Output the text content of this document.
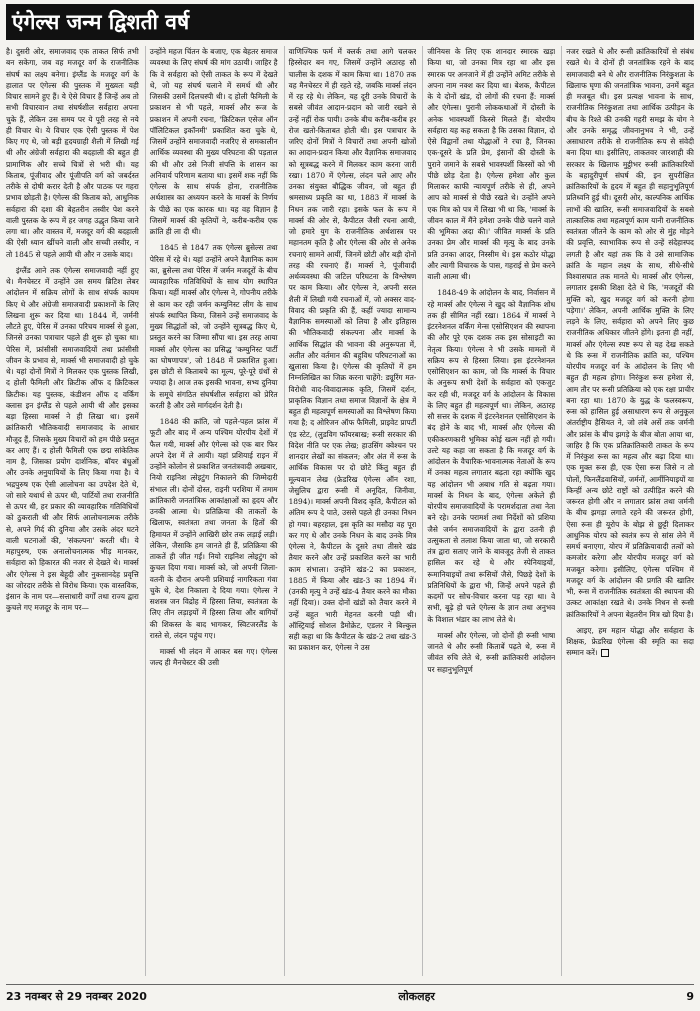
एंगेल्स जन्म द्विशती वर्ष

है। दुसरी ओर, समाजवाद एक ताकत सिर्फ तभी बन सकेगा, जब वह मजदूर वर्ग के राजनीतिक संघर्ष का लक्ष्य बनेगा। इंग्लैंड के मजदूर वर्ग के हालात पर एंगेल्स की पुस्तक में मुख्यतः यही विचार सामने हुए हैं। ये ऐसे विचार हैं जिन्हें अब तो सभी विचारवान तथा संघर्षशील सर्वहारा अपना चुके हैं, लेकिन उस समय पर ये पूरी तरह से नये ही विचार थे। ये विचार एक ऐसी पुस्तक में पेश किए गए थे, जो बड़ी हृदयग्राही शैली में लिखी गई थी और अंग्रेजी सर्वहारा की बदहाली की बहुत ही प्रामाणिक और सच्चे चित्रों से भरी थी। यह किताब, पूंजीवाद और पूंजीपति वर्ग को जबर्दस्त तरीके से दोषी करार देती है और पाठक पर गहरा प्रभाव छोड़ती है। एंगेल्स की किताब को, आधुनिक सर्वहारा की दशा की बेहतरीन तस्वीर पेश करने वाली पुस्तक के रूप में हर जगह उद्धृत किया जाने लगा था। और वास्तव में, मजदूर वर्ग की बदहाली की ऐसी ध्यान खींचने वाली और सच्ची तस्वीर, न तो 1845 से पहले आयी थी और न उसके बाद।

इंग्लैंड आने तक एंगेल्स समाजवादी नहीं हुए थे। मैनचेस्टर में उन्होंने उस समय ब्रिटिश लेबर आंदोलन में सक्रिय लोगों के साथ संपर्क कायम किए थे और अंग्रेजी समाजवादी प्रकाशनों के लिए लिखना शुरू कर दिया था। 1844 में, जर्मनी लौटते हुए, पेरिस में उनका परिचय मार्क्स से हुआ, जिनसे उनका पत्राचार पहले ही शुरू हो चुका था। पेरिस में, फ्रांसीसी समाजवादियों तथा फ्रांसीसी जीवन के प्रभाव से, मार्क्स भी समाजवादी हो चुके थे। यहां दोनों मित्रों ने मिलकर एक पुस्तक लिखी, द होली फैमिली और क्रिटीक ऑफ द क्रिटिकल क्रिटीक। यह पुस्तक, कंडीशन ऑफ द वर्किंग क्लास इन इंग्लैंड से पहले आयी थी और इसका बड़ा हिस्सा मार्क्स ने ही लिखा था। इसमें क्रांतिकारी भौतिकवादी समाजवाद के आधार मौजूद हैं, जिसके मुख्य विचारों को हम पीछे प्रस्तुत कर आए हैं। द होली फैमिली एक छद्म सांकेतिक नाम है, जिसका प्रयोग दार्शनिक, बॉयर बंधुओं और उनके अनुयायियों के लिए किया गया है। ये भद्रपुरुष एक ऐसी आलोचना का उपदेश देते थे, जो सारे यथार्थ से ऊपर थी, पार्टियों तथा राजनीति से ऊपर थी, हर प्रकार की व्यावहारिक गतिविधियों को ठुकराती थी और सिर्फ आलोचनात्मक तरीके से, अपने गिर्द की दुनिया और उसके अंदर घटने वाली घटनाओं की, 'संकल्पना' करती थी। ये महापुरुष, एक अनालोचनात्मक भीड़ मानकर, सर्वहारा को हिकारत की नजर से देखते थे। मार्क्स और एंगेल्स ने इस बेहूदी और नुकसानदेह प्रवृत्ति का जोरदार तरीके से विरोध किया। एक वास्तविक, इंसान के नाम पर—सत्ताधारी वर्गों तथा राज्य द्वारा कुचले गए मजदूर के नाम पर—

उन्होंने महज चिंतन के बजाए, एक बेहतर समाज व्यवस्था के लिए संघर्ष की मांग उठायी। जाहिर है कि वे सर्वहारा को ऐसी ताकत के रूप में देखते थे, जो यह संघर्ष चलाने में समर्थ थी और जिसकी उसमें दिलचस्पी थी। द होली फैमिली के प्रकाशन से भी पहले, मार्क्स और रूज के प्रकाशन में अपनी रचना, 'क्रिटिकल एसेज ऑन पॉलिटिकल इकॉनमी' प्रकाशित करा चुके थे, जिसमें उन्होंने समाजवादी नजरिए से समकालीन आर्थिक व्यवस्था की मुख्य परिघटना की पड़ताल की थी और उसे निजी संपत्ति के शासन का अनिवार्य परिणाम बताया था। इसमें शक नहीं कि एंगेल्स के साथ संपर्क होना, राजनीतिक अर्थशास्त्र का अध्ययन करने के मार्क्स के निर्णय के पीछे का एक कारक था। यह वह विज्ञान है जिसमें मार्क्स की कृतियों ने, करीब-करीब एक क्रांति ही ला दी थी।

1845 से 1847 तक एंगेल्स ब्रुसेल्स तथा पेरिस में रहे थे। यहां उन्होंने अपने वैज्ञानिक काम का, ब्रुसेल्स तथा पेरिस में जर्मन मजदूरों के बीच व्यावहारिक गतिविधियों के साथ योग स्थापित किया। यहीं मार्क्स और एंगेल्स ने, गोपनीय तरीके से काम कर रही जर्मन कम्युनिस्ट लीग के साथ संपर्क स्थापित किया, जिसने उन्हें समाजवाद के मुख्य सिद्धांतों को, जो उन्होंने सूत्रबद्ध किए थे, प्रस्तुत करने का जिम्मा सौंपा था। इस तरह आया मार्क्स और एंगेल्स का प्रसिद्ध 'कम्युनिस्ट पार्टी का घोषणापत्र', जो 1848 में प्रकाशित हुआ। इस छोटी से किताबचे का मूल्य, पूरे-पूरे ग्रंथों से ज्यादा है। आज तक इसकी भावना, सभ्य दुनिया के समूचे संगठित संघर्षशील सर्वहारा को प्रेरित करती है और उसे मार्गदर्शन देती है।

1848 की क्रांति, जो पहले-पहल फ्रांस में फूटी और बाद में अन्य पश्चिम योरपीय देशों में फैल गयी, मार्क्स और एंगेल्स को एक बार फिर अपने देश में ले आयी। यहां प्रशियाई राइन में उन्होंने कोलोन से प्रकाशित जनतंत्रवादी अखबार, नियो राइनिश त्सेइटुंग निकालने की जिम्मेदारी संभाल ली। दोनों दोस्त, राइनी परशिया में तमाम क्रांतिकारी जनतांत्रिक आकांक्षाओं का हृदय और उनकी आत्मा थे। प्रतिक्रिया की ताकतों के खिलाफ, स्वतंत्रता तथा जनता के हितों की हिमायत में उन्होंने आखिरी छोर तक लड़ाई लड़ी। लेकिन, जैसाकि हम जानते ही हैं, प्रतिक्रिया की ताकतें ही जीत गईं। नियो राइनिश त्सेइटुंग को कुचल दिया गया। मार्क्स को, जो अपनी जिला-वतनी के दौरान अपनी प्रशियाई नागरिकता गंवा चुके थे, देश निकाला दे दिया गया। एंगेल्स ने सशस्त्र जन विद्रोह में हिस्सा लिया, स्वतंत्रता के लिए तीन लड़ाइयों में हिस्सा लिया और बागियों की शिकस्त के बाद भागकर, स्विटजरलैंड के रास्ते से, लंदन पहुंच गए।

मार्क्स भी लंदन में आकर बस गए। एंगेल्स जल्द ही मैनचेस्टर की उसी

वाणिज्यिक फर्म में क्लर्क तथा आगे चलकर हिस्सेदार बन गए, जिसमें उन्होंने अठारह सौ चालीस के दशक में काम किया था। 1870 तक वह मैनचेस्टर में ही रहते रहे, जबकि मार्क्स लंदन में रह रहे थे। लेकिन, यह दूरी उनके विचारों के सबसे जीवंत आदान-प्रदान को जारी रखने से उन्हें नहीं रोक पायी। उनके बीच करीब-करीब हर रोज खतो-किताबत होती थी। इस पत्राचार के जरिए दोनों मित्रों ने विचारों तथा अपनी खोजों का आदान-प्रदान किया और वैज्ञानिक समाजवाद को सूत्रबद्ध करने में मिलकर काम करना जारी रखा। 1870 में एंगेल्स, लंदन चले आए और उनका संयुक्त बौद्धिक जीवन, जो बहुत ही श्रमसाध्य प्रकृति का था, 1883 में मार्क्स के निधन तक जारी रहा। इसके फल के रूप में मार्क्स की ओर से, कैपीटल जैसी रचना आयी, जो हमारे युग के राजनीतिक अर्थशास्त्र पर महानतम कृति है और एंगेल्स की ओर से अनेक रचनाएं सामने आयीं, जिनमें छोटी और बड़ी दोनों तरह की रचनाएं हैं। मार्क्स ने, पूंजीवादी अर्थव्यवस्था की जटिल परिघटना के विश्लेषण पर काम किया। और एंगेल्स ने, अपनी सरल शैली में लिखी गयी रचनाओं में, जो अक्सर वाद-विवाद की प्रकृति की हैं, कहीं ज्यादा सामान्य वैज्ञानिक समस्याओं को लिया है और इतिहास की भौतिकवादी संकल्पना और मार्क्स के आर्थिक सिद्धांत की भावना की अनुरूपता में, अतीत और वर्तमान की बहुविध परिघटनाओं का खुलासा किया है। एंगेल्स की कृतियों में हम निम्नलिखित का जिक्र करना चाहेंगे: ड्यूरिंग मत-विरोधी वाद-विवादात्मक कृति, जिसमें दर्शन, प्राकृतिक विज्ञान तथा समाज विज्ञानों के क्षेत्र में बहुत ही महत्वपूर्ण समस्याओं का विश्लेषण किया गया है; द ओरिजन ऑफ फैमिली, प्राइवेट प्रापर्टी एंड स्टेट, (लुडविग फॉयरबाख; रूसी सरकार की विदेश नीति पर एक लेख; हाउसिंग क्वेश्चन पर शानदार लेखों का संकलन; और अंत में रूस के आर्थिक विकास पर दो छोटे किंतु बहुत ही मूल्यवान लेख (फ्रेडरिख एंगेल्स ऑन रशा, जेसुलिच द्वारा रूसी में अनूदित, जिनीवा, 1894)। मार्क्स अपनी विशद कृति, कैपीटल को अंतिम रूप दे पाते, उससे पहले ही उनका निधन हो गया। बहरहाल, इस कृति का मसौदा वह पूरा कर गए थे और उनके निधन के बाद उनके मित्र एंगेल्स ने, कैपीटल के दूसरे तथा तीसरे खंड तैयार करने और उन्हें प्रकाशित करने का भारी काम संभाला। उन्होंने खंड-2 का प्रकाशन, 1885 में किया और खंड-3 का 1894 में। (उनकी मृत्यु ने उन्हें खंड-4 तैयार करने का मौका नहीं दिया)। उक्त दोनों खंडों को तैयार करने में उन्हें बहुत भारी मेहनत करनी पड़ी थी। ऑस्ट्रियाई सोशल डैमोक्रेट, एडलर ने बिल्कुल सही कहा था कि कैपीटल के खंड-2 तथा खंड-3 का प्रकाशन कर, एंगेल्स ने उस

जीनियस के लिए एक शानदार स्मारक खड़ा किया था, जो उनका मित्र रहा था और इस स्मारक पर अनजाने में ही उन्होंने अमिट तरीके से अपना नाम नक्श कर दिया था। बेशक, कैपीटल के ये दोनों खंड, दो लोगों की रचना हैं: मार्क्स और एंगेल्स। पुरानी लोककथाओं में दोस्ती के अनेक भावस्पर्शी किस्से मिलते हैं। योरपीय सर्वहारा यह कह सकता है कि उसका विज्ञान, दो ऐसे विद्वानों तथा योद्धाओं ने रचा है, जिनका एक-दूसरे के प्रति प्रेम, इंसानों की दोस्ती के पुराने जमाने के सबसे भावस्पर्शी किस्सों को भी पीछे छोड़ देता है। एंगेल्स हमेशा और कुल मिलाकर काफी न्यायपूर्ण तरीके से ही, अपने आप को मार्क्स से पीछे रखते थे। उन्होंने अपने एक मित्र को पत्र में लिखा भी था कि, 'मार्क्स के जीवन काल में मैंने हमेशा उनके पीछे चलने वाले की भूमिका अदा की।' जीवित मार्क्स के प्रति उनका प्रेम और मार्क्स की मृत्यु के बाद उनके प्रति उनका आदर, निस्सीम थे। इस कठोर योद्धा और त्यागी विचारक के पास, गहराई से प्रेम करने वाली आत्मा थी।

1848-49 के आंदोलन के बाद, निर्वासन में रहे मार्क्स और एंगेल्स ने खुद को वैज्ञानिक शोध तक ही सीमित नहीं रखा। 1864 में मार्क्स ने इंटरनेशनल वर्किंग मेन्स एसोसिएशन की स्थापना की और पूरे एक दशक तक इस सोसाइटी का नेतृत्व किया। एंगेल्स ने भी उसके मामलों में सक्रिय रूप से हिस्सा लिया। इस इंटरनेशनल एसोसिएशन का काम, जो कि मार्क्स के विचार के अनुरूप सभी देशों के सर्वहारा को एकजुट कर रही थी, मजदूर वर्ग के आंदोलन के विकास के लिए बहुत ही महत्वपूर्ण था। लेकिन, अठारह सौ सत्तर के दशक में इंटरनेशनल एसोसिएशन के बंद होने के बाद भी, मार्क्स और एंगेल्स की एकीकरणकारी भूमिका कोई खत्म नहीं हो गयी। उल्टे यह कहा जा सकता है कि मजदूर वर्ग के आंदोलन के वैचारिक-भावनात्मक नेताओं के रूप में उनका महत्व लगातार बढ़ता रहा क्योंकि खुद यह आंदोलन भी अबाध गति से बढ़ता गया। मार्क्स के निधन के बाद, एंगेल्स अकेले ही योरपीय समाजवादियों के परामर्शदाता तथा नेता बने रहे। उनके परामर्श तथा निर्देशों को प्रशिया जैसे जर्मन समाजवादियों के द्वारा उतनी ही उत्सुकता से तलाश किया जाता था, जो सरकारी तंत्र द्वारा सताए जाने के बावजूद तेजी से ताकत हासिल कर रहे थे और स्पेनियाइयों, रूमानियाइयों तथा रूसियों जैसे, पिछड़े देशों के प्रतिनिधियों के द्वारा भी, जिन्हें अपने पहले ही कदमों पर सोच-विचार करना पड़ रहा था। वे सभी, बूढ़े हो चले एंगेल्स के ज्ञान तथा अनुभव के विशाल भंडार का लाभ लेते थे।

मार्क्स और एंगेल्स, जो दोनों ही रूसी भाषा जानते थे और रूसी किताबें पढ़ते थे, रूस में जीवंत रुचि लेते थे, रूसी क्रांतिकारी आंदोलन पर सहानुभूतिपूर्ण

नजर रखते थे और रूसी क्रांतिकारियों से संबंध रखते थे। वे दोनों ही जनतांत्रिक रहने के बाद समाजवादी बने थे और राजनीतिक निरंकुशता के खिलाफ घृणा की जनतांत्रिक भावना, उनमें बहुत ही मजबूत थी। इस प्रत्यक्ष भावना के साथ, राजनीतिक निरंकुशता तथा आर्थिक उत्पीड़न के बीच के रिश्ते की उनकी गहरी समझ के योग ने और उनके समृद्ध जीवनानुभव ने भी, उन्हें असाधारण तरीके से राजनीतिक रूप से संवेदी बना दिया था। इसीलिए, ताकतवर जारशाही की सरकार के खिलाफ मुट्ठीभर रूसी क्रांतिकारियों के बहादुरीपूर्ण संघर्ष की, इन सुपरीक्षित क्रांतिकारियों के हृदय में बहुत ही सहानुभूतिपूर्ण प्रतिध्वनि हुई थी। दूसरी ओर, काल्पनिक आर्थिक लाभों की खातिर, रूसी समाजवादियों के सबसे तात्कालिक तथा महत्वपूर्ण काम यानी राजनीतिक स्वतंत्रता जीतने के काम को ओर से मुंह मोड़ने की प्रवृत्ति, स्वाभाविक रूप से उन्हें संदेहास्पद लगती है और यहां तक कि वे उसे सामाजिक क्रांति के महान लक्ष्य के साथ, सीधे-सीधे विश्वासघात तक मानते थे। मार्क्स और एंगेल्स, लगातार इसकी शिक्षा देते थे कि, 'मजदूरों की मुक्ति को, खुद मजदूर वर्ग को करनी होगा पड़ेगा।' लेकिन, अपनी आर्थिक मुक्ति के लिए लड़ने के लिए, सर्वहारा को अपने लिए कुछ राजनीतिक अधिकार जीतने होंगे। इतना ही नहीं, मार्क्स और एंगेल्स स्पष्ट रूप से यह देख सकते थे कि रूस में राजनीतिक क्रांति का, पश्चिम योरपीय मजदूर वर्ग के आंदोलन के लिए भी बहुत ही महत्व होगा। निरंकुश रूस हमेशा से, आम तौर पर रूसी प्रतिक्रिया को एक रक्षा प्राचीर बना रहा था। 1870 के युद्ध के फलस्वरूप, रूस को हासिल हुई असाधारण रूप से अनुकूल अंतर्राष्ट्रीय हैसियत ने, जो लंबे अर्से तक जर्मनी और फ्रांस के बीच झगड़े के बीज बोता आया था, जाहिर है कि एक प्रतिक्रांतिकारी ताकत के रूप में निरंकुश रूस का महत्व और बढ़ा दिया था। एक मुक्त रूस ही, एक ऐसा रूस जिसे न तो पोलों, फिनलैंडवासियों, जर्मनों, आर्मीनियाइयों या किन्हीं अन्य छोटे राष्ट्रों को उत्पीड़ित करने की जरूरत होगी और न लगातार फ्रांस तथा जर्मनी के बीच झगड़ा लगाते रहने की जरूरत होगी, ऐसा रूस ही यूरोप के बोझ से छुट्टी दिलाकर आधुनिक योरप को स्वतंत्र रूप से सांस लेने में समर्थ बनाएगा, योरप में प्रतिक्रियावादी तत्वों को कमजोर करेगा और योरपीय मजदूर वर्ग को मजबूत करेगा। इसीलिए, एंगेल्स पश्चिम में मजदूर वर्ग के आंदोलन की प्रगति की खातिर भी, रूस में राजनीतिक स्वतंत्रता की स्थापना की उत्कट आकांक्षा रखते थे। उनके निधन से रूसी क्रांतिकारियों ने अपना बेहतरीन मित्र खो दिया है।

आइए, हम महान योद्धा और सर्वहारा के शिक्षक, फ्रेडरिख एंगेल्स की स्मृति का सदा सम्मान करें।

23 नवम्बर से 29 नवम्बर 2020	लोकलहर	9
